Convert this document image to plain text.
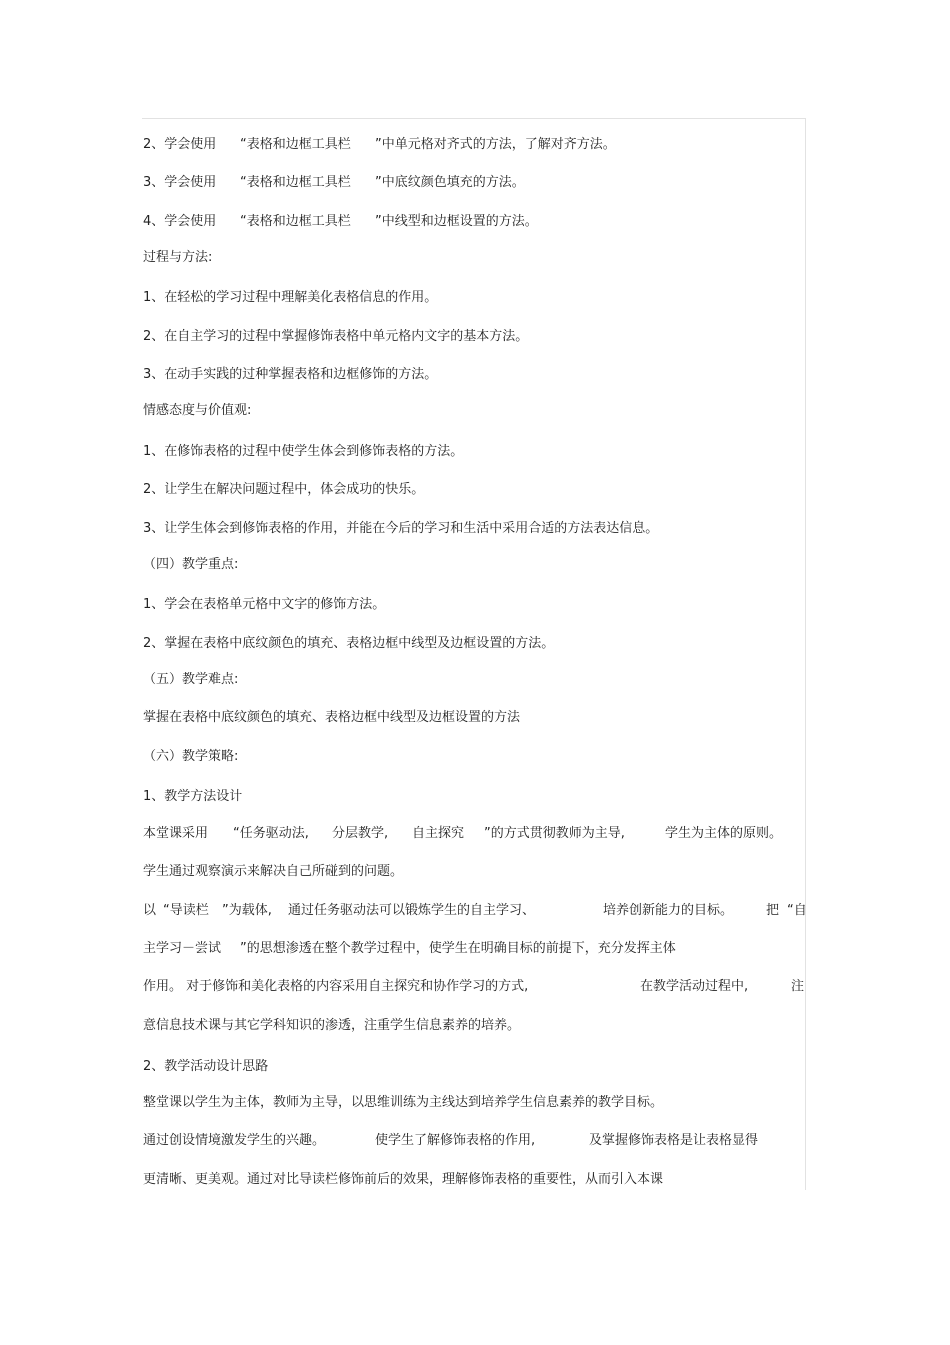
2、学会使用 “表格和边框工具栏 ”中单元格对齐式的方法，了解对齐方法。
3、学会使用 “表格和边框工具栏 ”中底纹颜色填充的方法。
4、学会使用 “表格和边框工具栏 ”中线型和边框设置的方法。
过程与方法:
1、在轻松的学习过程中理解美化表格信息的作用。
2、在自主学习的过程中掌握修饰表格中单元格内文字的基本方法。
3、在动手实践的过种掌握表格和边框修饰的方法。
情感态度与价值观:
1、在修饰表格的过程中使学生体会到修饰表格的方法。
2、让学生在解决问题过程中，体会成功的快乐。
3、让学生体会到修饰表格的作用，并能在今后的学习和生活中采用合适的方法表达信息。
（四）教学重点:
1、学会在表格单元格中文字的修饰方法。
2、掌握在表格中底纹颜色的填充、表格边框中线型及边框设置的方法。
（五）教学难点:
掌握在表格中底纹颜色的填充、表格边框中线型及边框设置的方法
（六）教学策略:
1、教学方法设计
本堂课采用 “任务驱动法, 分层教学, 自主探究 ”的方式贯彻教师为主导,	学生为主体的原则。
学生通过观察演示来解决自己所碰到的问题。
以 “导读栏 ”为载体, 通过任务驱动法可以锻炼学生的自主学习、	培养创新能力的目标。	把 “自
主学习－尝试 ”的思想渗透在整个教学过程中，使学生在明确目标的前提下，充分发挥主体
作用。 对于修饰和美化表格的内容采用自主探究和协作学习的方式,	在教学活动过程中,	注
意信息技术课与其它学科知识的渗透，注重学生信息素养的培养。
2、教学活动设计思路
整堂课以学生为主体，教师为主导，以思维训练为主线达到培养学生信息素养的教学目标。
通过创设情境激发学生的兴趣。	使学生了解修饰表格的作用,	及掌握修饰表格是让表格显得
更清晰、更美观。通过对比导读栏修饰前后的效果，理解修饰表格的重要性，从而引入本课
